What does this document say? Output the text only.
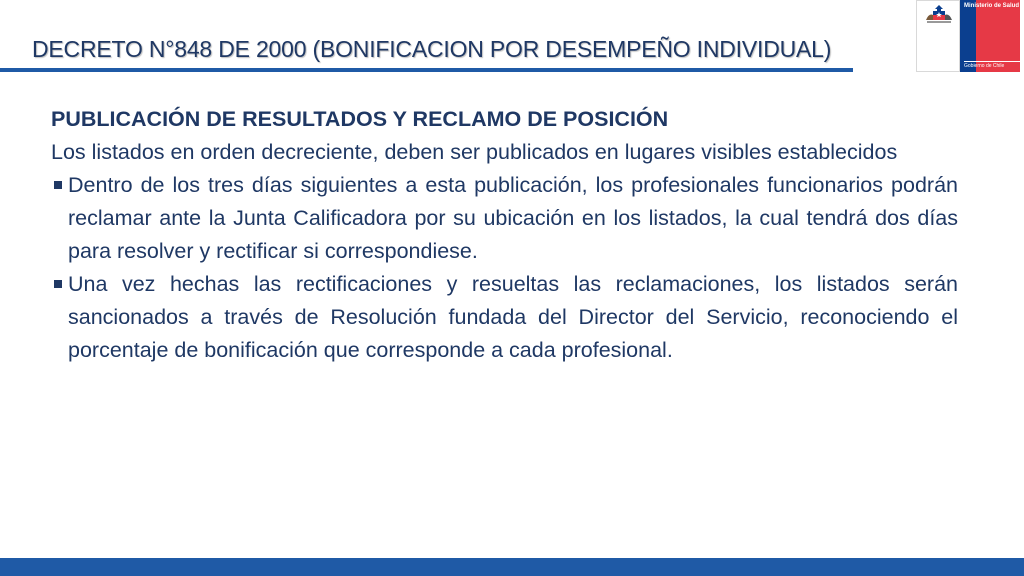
DECRETO N°848 DE 2000 (BONIFICACION POR DESEMPEÑO INDIVIDUAL)
Ministerio de Salud
Gobierno de Chile
PUBLICACIÓN DE RESULTADOS Y RECLAMO DE POSICIÓN
Los listados en orden decreciente, deben ser publicados en lugares visibles establecidos
Dentro de los tres días siguientes a esta publicación, los profesionales funcionarios podrán reclamar ante la Junta Calificadora por su ubicación en los listados, la cual tendrá dos días para resolver y rectificar si correspondiese.
Una vez hechas las rectificaciones y resueltas las reclamaciones, los listados serán sancionados a través de Resolución fundada del Director del Servicio, reconociendo el porcentaje de bonificación que corresponde a cada profesional.
